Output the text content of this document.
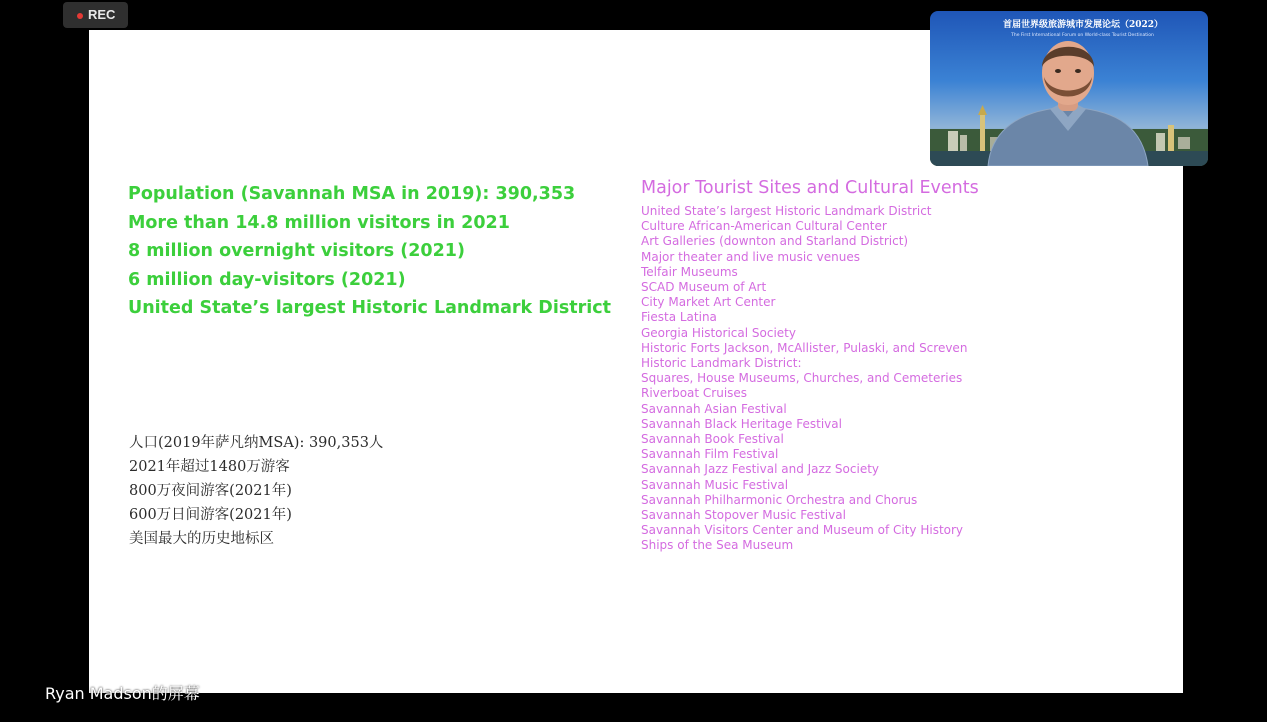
REC
Population (Savannah MSA in 2019): 390,353
More than 14.8 million visitors in 2021
8 million overnight visitors (2021)
6 million day-visitors (2021)
United State’s largest Historic Landmark District
人口(2019年萨凡纳MSA): 390,353人
2021年超过1480万游客
800万夜间游客(2021年)
600万日间游客(2021年)
美国最大的历史地标区
Major Tourist Sites and Cultural Events
United State’s largest Historic Landmark District
Culture African-American Cultural Center
Art Galleries (downton and Starland District)
Major theater and live music venues
Telfair Museums
SCAD Museum of Art
City Market Art Center
Fiesta Latina
Georgia Historical Society
Historic Forts Jackson, McAllister, Pulaski, and Screven
Historic Landmark District:
Squares, House Museums, Churches, and Cemeteries
Riverboat Cruises
Savannah Asian Festival
Savannah Black Heritage Festival
Savannah Book Festival
Savannah Film Festival
Savannah Jazz Festival and Jazz Society
Savannah Music Festival
Savannah Philharmonic Orchestra and Chorus
Savannah Stopover Music Festival
Savannah Visitors Center and Museum of City History
Ships of the Sea Museum
首届世界级旅游城市发展论坛（2022）
The First International Forum on World-class Tourist Destination
Ryan Madson的屏幕
